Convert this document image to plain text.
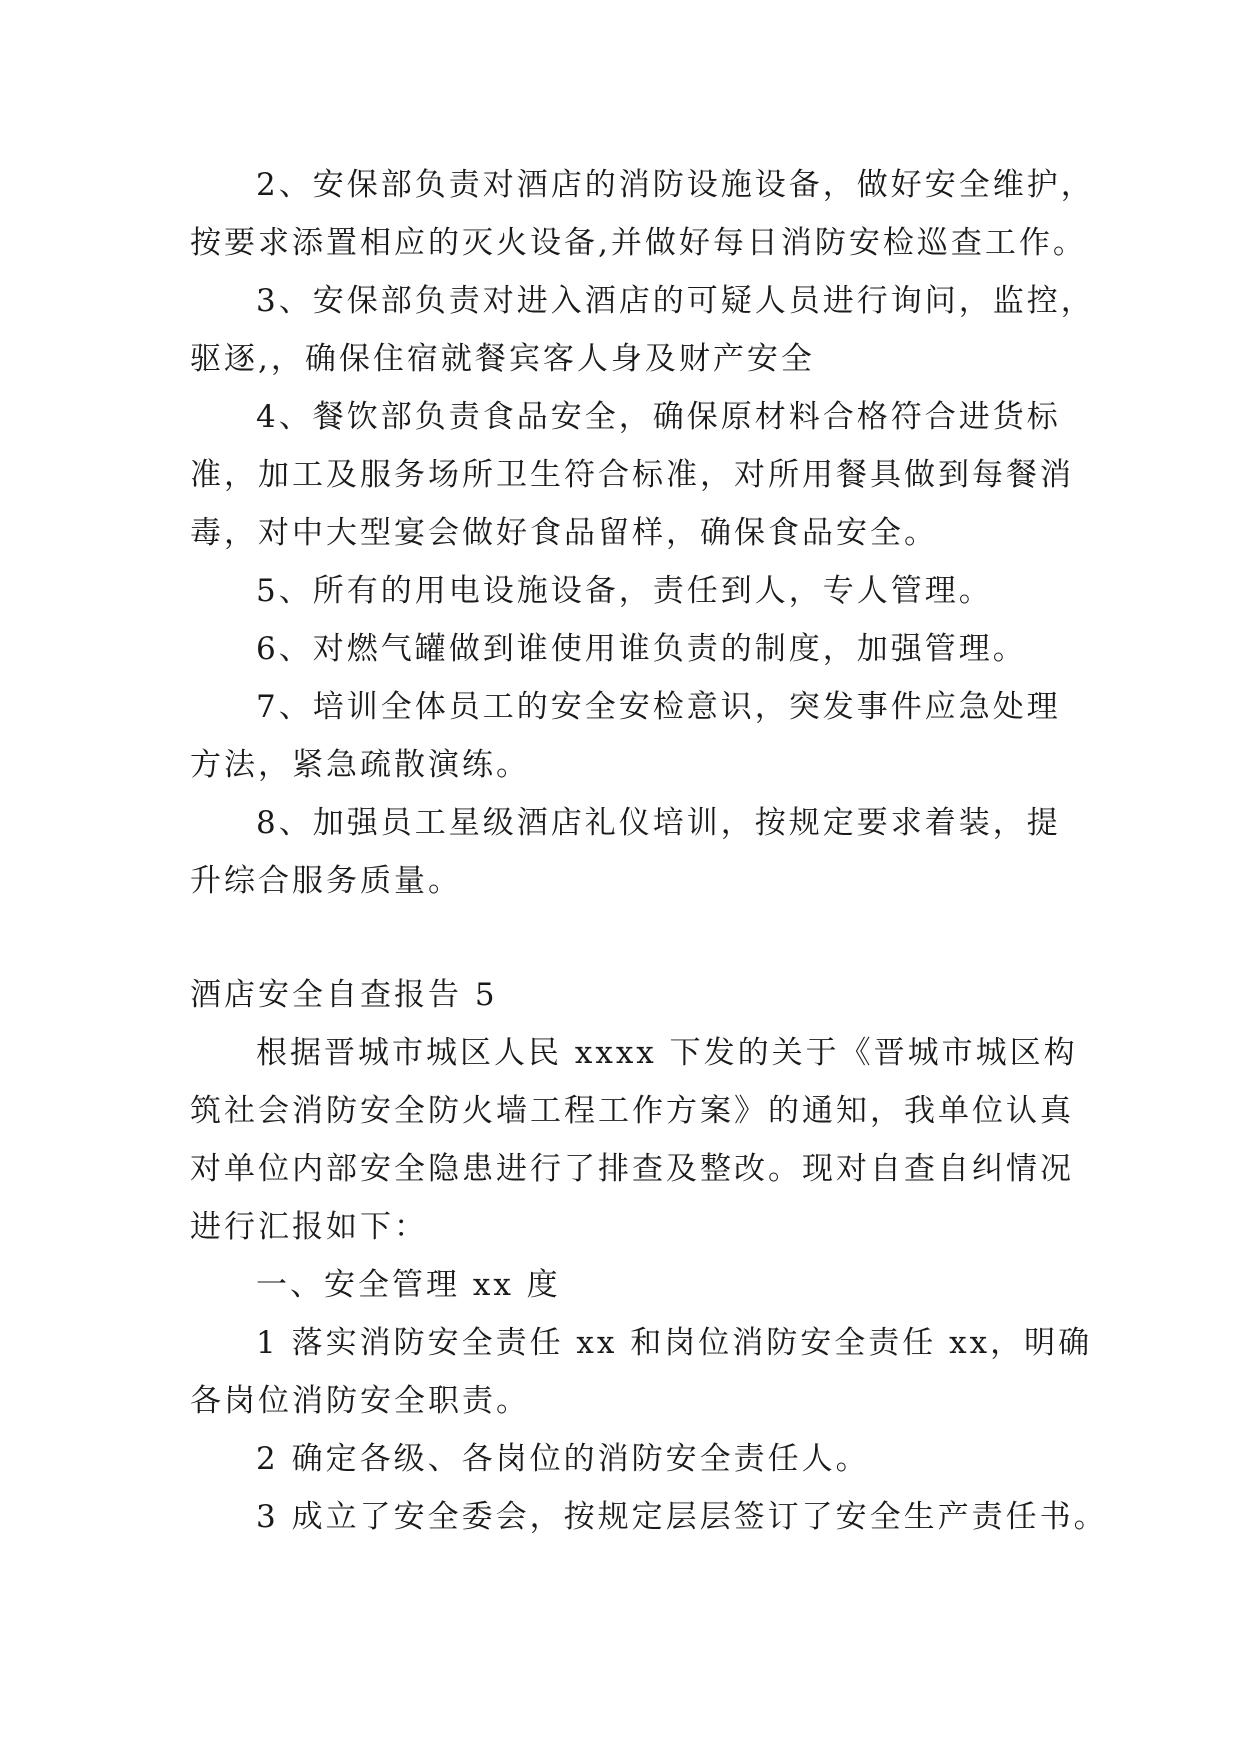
2、安保部负责对酒店的消防设施设备，做好安全维护，
按要求添置相应的灭火设备,并做好每日消防安检巡查工作。
3、安保部负责对进入酒店的可疑人员进行询问，监控，
驱逐,，确保住宿就餐宾客人身及财产安全
4、餐饮部负责食品安全，确保原材料合格符合进货标
准，加工及服务场所卫生符合标准，对所用餐具做到每餐消
毒，对中大型宴会做好食品留样，确保食品安全。
5、所有的用电设施设备，责任到人，专人管理。
6、对燃气罐做到谁使用谁负责的制度，加强管理。
7、培训全体员工的安全安检意识，突发事件应急处理
方法，紧急疏散演练。
8、加强员工星级酒店礼仪培训，按规定要求着装，提
升综合服务质量。
酒店安全自查报告 5
根据晋城市城区人民 xxxx 下发的关于《晋城市城区构
筑社会消防安全防火墙工程工作方案》的通知，我单位认真
对单位内部安全隐患进行了排查及整改。现对自查自纠情况
进行汇报如下：
一、安全管理 xx 度
1 落实消防安全责任 xx 和岗位消防安全责任 xx，明确
各岗位消防安全职责。
2 确定各级、各岗位的消防安全责任人。
3 成立了安全委会，按规定层层签订了安全生产责任书。
